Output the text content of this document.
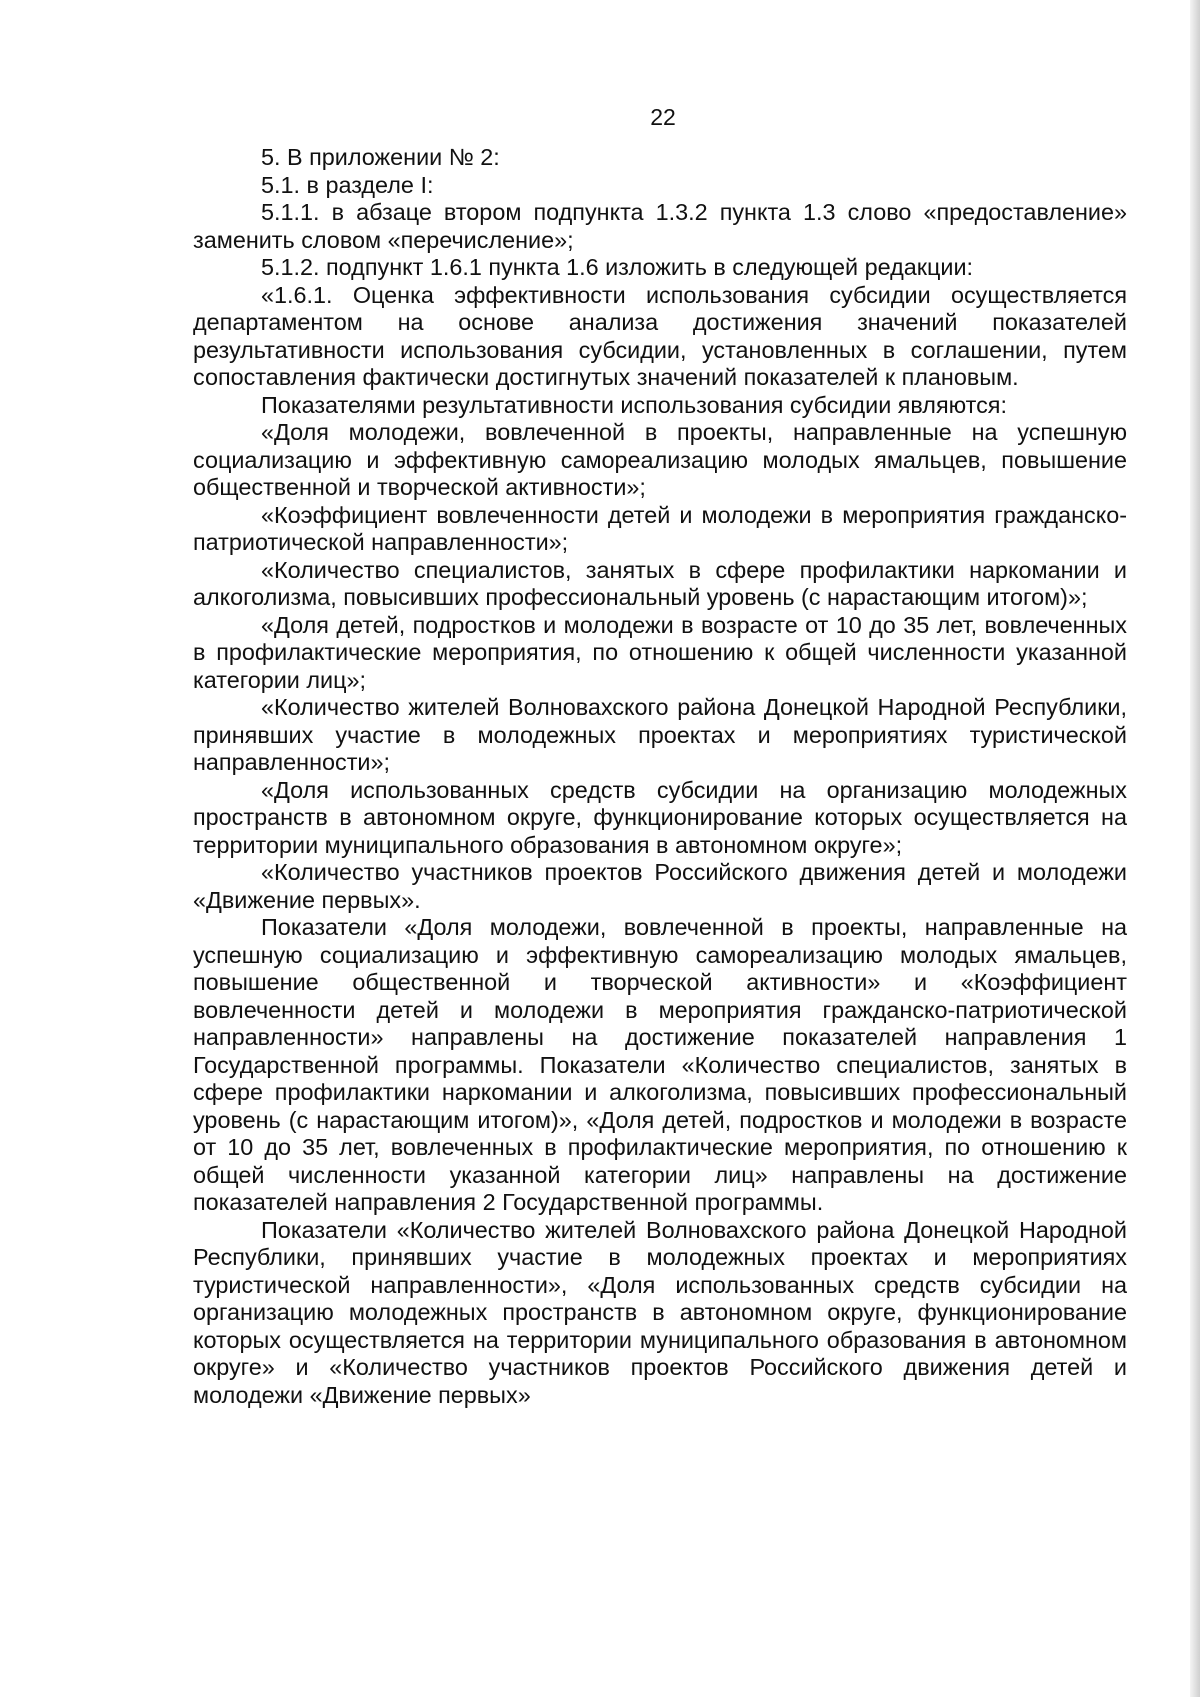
22

5. В приложении № 2:

5.1. в разделе I:

5.1.1. в абзаце втором подпункта 1.3.2 пункта 1.3 слово «предоставление» заменить словом «перечисление»;

5.1.2. подпункт 1.6.1 пункта 1.6 изложить в следующей редакции:

«1.6.1. Оценка эффективности использования субсидии осуществляется департаментом на основе анализа достижения значений показателей результативности использования субсидии, установленных в соглашении, путем сопоставления фактически достигнутых значений показателей к плановым.

Показателями результативности использования субсидии являются:

«Доля молодежи, вовлеченной в проекты, направленные на успешную социализацию и эффективную самореализацию молодых ямальцев, повышение общественной и творческой активности»;

«Коэффициент вовлеченности детей и молодежи в мероприятия гражданско-патриотической направленности»;

«Количество специалистов, занятых в сфере профилактики наркомании и алкоголизма, повысивших профессиональный уровень (с нарастающим итогом)»;

«Доля детей, подростков и молодежи в возрасте от 10 до 35 лет, вовлеченных в профилактические мероприятия, по отношению к общей численности указанной категории лиц»;

«Количество жителей Волновахского района Донецкой Народной Республики, принявших участие в молодежных проектах и мероприятиях туристической направленности»;

«Доля использованных средств субсидии на организацию молодежных пространств в автономном округе, функционирование которых осуществляется на территории муниципального образования в автономном округе»;

«Количество участников проектов Российского движения детей и молодежи «Движение первых».

Показатели «Доля молодежи, вовлеченной в проекты, направленные на успешную социализацию и эффективную самореализацию молодых ямальцев, повышение общественной и творческой активности» и «Коэффициент вовлеченности детей и молодежи в мероприятия гражданско-патриотической направленности» направлены на достижение показателей направления 1 Государственной программы. Показатели «Количество специалистов, занятых в сфере профилактики наркомании и алкоголизма, повысивших профессиональный уровень (с нарастающим итогом)», «Доля детей, подростков и молодежи в возрасте от 10 до 35 лет, вовлеченных в профилактические мероприятия, по отношению к общей численности указанной категории лиц» направлены на достижение показателей направления 2 Государственной программы.

Показатели «Количество жителей Волновахского района Донецкой Народной Республики, принявших участие в молодежных проектах и мероприятиях туристической направленности», «Доля использованных средств субсидии на организацию молодежных пространств в автономном округе, функционирование которых осуществляется на территории муниципального образования в автономном округе» и «Количество участников проектов Российского движения детей и молодежи «Движение первых»
